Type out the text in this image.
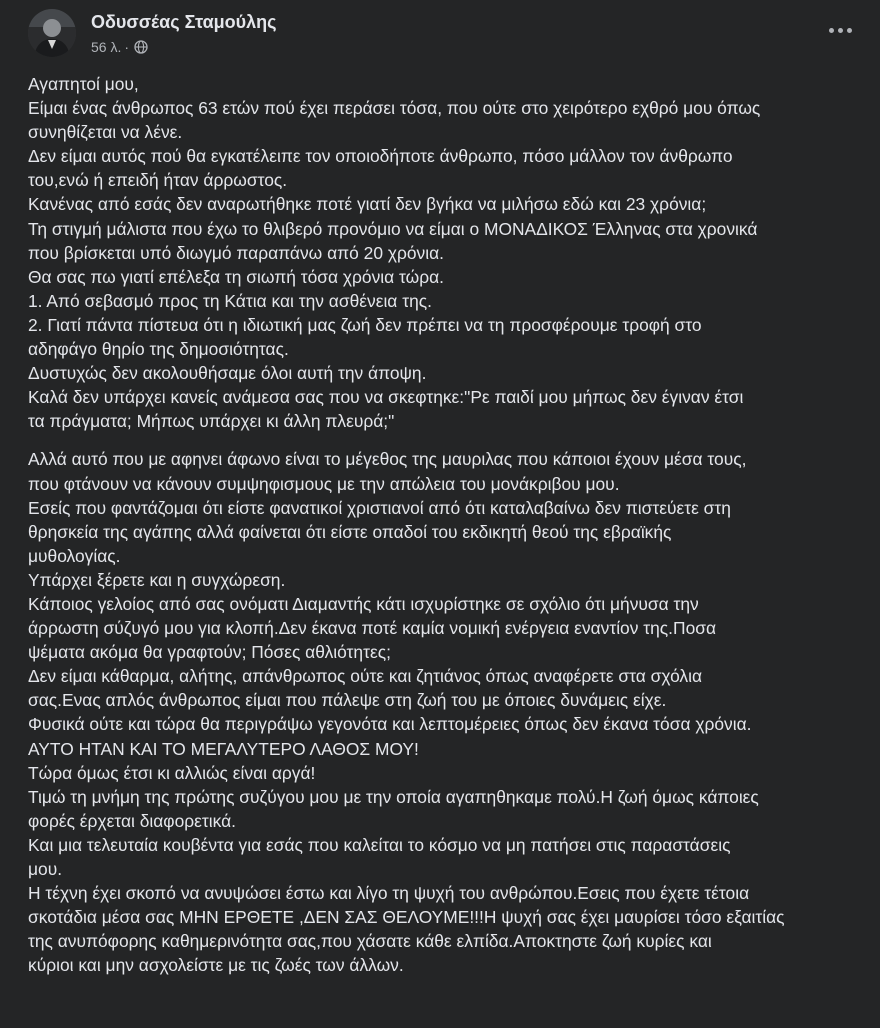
Οδυσσέας Σταμούλης
56 λ. ·
Αγαπητοί μου,
Είμαι ένας άνθρωπος 63 ετών πού έχει περάσει τόσα, που ούτε στο χειρότερο εχθρό μου όπως
συνηθίζεται να λένε.
Δεν είμαι αυτός πού θα εγκατέλειπε τον οποιοδήποτε άνθρωπο, πόσο μάλλον τον άνθρωπο
του,ενώ ή επειδή ήταν άρρωστος.
Κανένας από εσάς δεν αναρωτήθηκε ποτέ γιατί δεν βγήκα να μιλήσω εδώ και 23 χρόνια;
Τη στιγμή μάλιστα που έχω το θλιβερό προνόμιο να είμαι ο ΜΟΝΑΔΙΚΟΣ Έλληνας στα χρονικά
που βρίσκεται υπό διωγμό παραπάνω από 20 χρόνια.
Θα σας πω γιατί επέλεξα τη σιωπή τόσα χρόνια τώρα.
1. Από σεβασμό προς τη Κάτια και την ασθένεια της.
2. Γιατί πάντα πίστευα ότι η ιδιωτική μας ζωή δεν πρέπει να τη προσφέρουμε τροφή στο
αδηφάγο θηρίο της δημοσιότητας.
Δυστυχώς δεν ακολουθήσαμε όλοι αυτή την άποψη.
Καλά δεν υπάρχει κανείς ανάμεσα σας που να σκεφτηκε:"Ρε παιδί μου μήπως δεν έγιναν έτσι
τα πράγματα; Μήπως υπάρχει κι άλλη πλευρά;"
Αλλά αυτό που με αφηνει άφωνο είναι το μέγεθος της μαυριλας που κάποιοι έχουν μέσα τους,
που φτάνουν να κάνουν συμψηφισμους με την απώλεια του μονάκριβου μου.
Εσείς που φαντάζομαι ότι είστε φανατικοί χριστιανοί από ότι καταλαβαίνω δεν πιστεύετε στη
θρησκεία της αγάπης αλλά φαίνεται ότι είστε οπαδοί του εκδικητή θεού της εβραϊκής
μυθολογίας.
Υπάρχει ξέρετε και η συγχώρεση.
Κάποιος γελοίος από σας ονόματι Διαμαντής κάτι ισχυρίστηκε σε σχόλιο ότι μήνυσα την
άρρωστη σύζυγό μου για κλοπή.Δεν έκανα ποτέ καμία νομική ενέργεια εναντίον της.Ποσα
ψέματα ακόμα θα γραφτούν; Πόσες αθλιότητες;
Δεν είμαι κάθαρμα, αλήτης, απάνθρωπος ούτε και ζητιάνος όπως αναφέρετε στα σχόλια
σας.Ενας απλός άνθρωπος είμαι που πάλεψε στη ζωή του με όποιες δυνάμεις είχε.
Φυσικά ούτε και τώρα θα περιγράψω γεγονότα και λεπτομέρειες όπως δεν έκανα τόσα χρόνια.
ΑΥΤΟ ΗΤΑΝ ΚΑΙ ΤΟ ΜΕΓΑΛΥΤΕΡΟ ΛΑΘΟΣ ΜΟΥ!
Τώρα όμως έτσι κι αλλιώς είναι αργά!
Τιμώ τη μνήμη της πρώτης συζύγου μου με την οποία αγαπηθηκαμε πολύ.Η ζωή όμως κάποιες
φορές έρχεται διαφορετικά.
Και μια τελευταία κουβέντα για εσάς που καλείται το κόσμο να μη πατήσει στις παραστάσεις
μου.
Η τέχνη έχει σκοπό να ανυψώσει έστω και λίγο τη ψυχή του ανθρώπου.Εσεις που έχετε τέτοια
σκοτάδια μέσα σας ΜΗΝ ΕΡΘΕΤΕ ,ΔΕΝ ΣΑΣ ΘΕΛΟΥΜΕ!!!Η ψυχή σας έχει μαυρίσει τόσο εξαιτίας
της ανυπόφορης καθημερινότητα σας,που χάσατε κάθε ελπίδα.Αποκτηστε ζωή κυρίες και
κύριοι και μην ασχολείστε με τις ζωές των άλλων.
